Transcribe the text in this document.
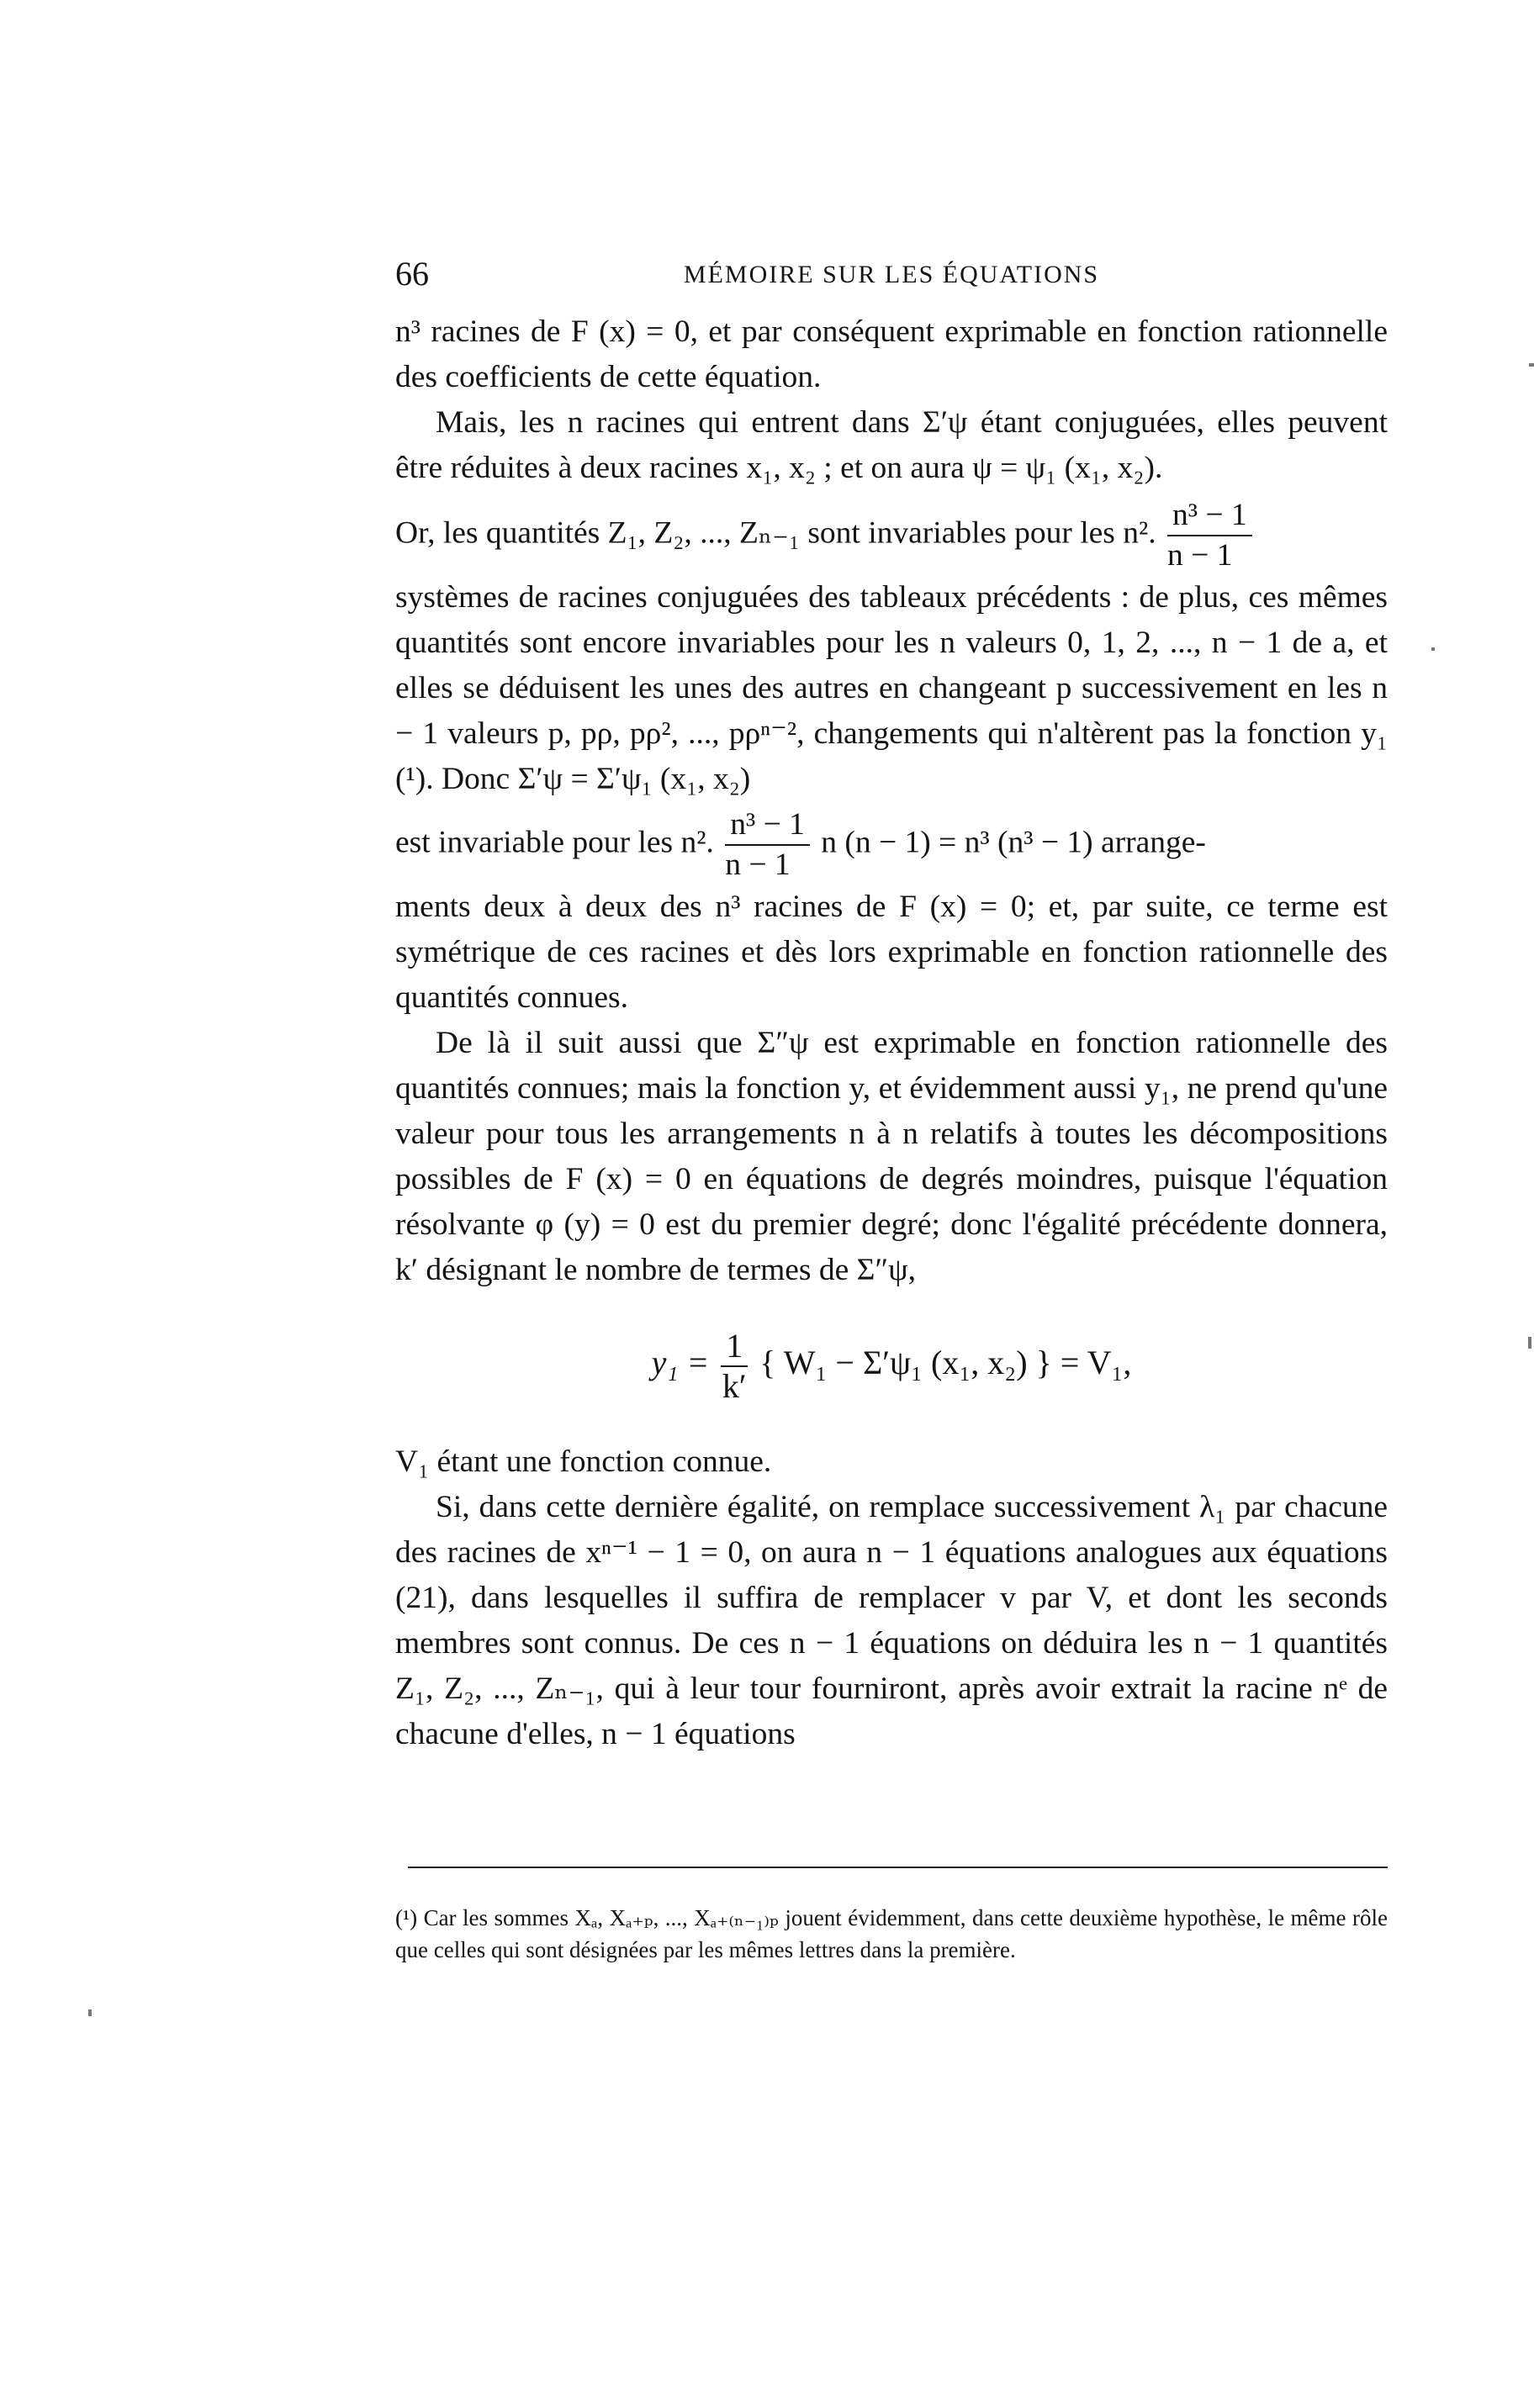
66	MÉMOIRE SUR LES ÉQUATIONS

n³ racines de F (x) = 0, et par conséquent exprimable en fonction rationnelle des coefficients de cette équation.

Mais, les n racines qui entrent dans Σ′ψ étant conjuguées, elles peuvent être réduites à deux racines x₁, x₂ ; et on aura ψ = ψ₁ (x₁, x₂).

Or, les quantités Z₁, Z₂, ..., Zₙ₋₁ sont invariables pour les n². $\frac{\text{n³ − 1}}{n - 1}$

systèmes de racines conjuguées des tableaux précédents : de plus, ces mêmes quantités sont encore invariables pour les n valeurs 0, 1, 2, ..., n − 1 de a, et elles se déduisent les unes des autres en changeant p successivement en les n − 1 valeurs p, pρ, pρ², ..., pρⁿ⁻², changements qui n'altèrent pas la fonction y₁ (¹). Donc Σ′ψ = Σ′ψ₁ (x₁, x₂)

est invariable pour les n². $\frac{\text{n³ − 1}}{n - 1}$ n (n − 1) = n³ (n³ − 1) arrange-

ments deux à deux des n³ racines de F (x) = 0; et, par suite, ce terme est symétrique de ces racines et dès lors exprimable en fonction rationnelle des quantités connues.

De là il suit aussi que Σ″ψ est exprimable en fonction rationnelle des quantités connues; mais la fonction y, et évidemment aussi y₁, ne prend qu'une valeur pour tous les arrangements n à n relatifs à toutes les décompositions possibles de F (x) = 0 en équations de degrés moindres, puisque l'équation résolvante φ (y) = 0 est du premier degré; donc l'égalité précédente donnera, k′ désignant le nombre de termes de Σ″ψ,

$y_1 = \frac{1}{k'}$ { W₁ − Σ′ψ₁ (x₁, x₂) } = V₁,

V₁ étant une fonction connue.

Si, dans cette dernière égalité, on remplace successivement λ₁ par chacune des racines de xⁿ⁻¹ − 1 = 0, on aura n − 1 équations analogues aux équations (21), dans lesquelles il suffira de remplacer v par V, et dont les seconds membres sont connus. De ces n − 1 équations on déduira les n − 1 quantités Z₁, Z₂, ..., Zₙ₋₁, qui à leur tour fourniront, après avoir extrait la racine nᵉ de chacune d'elles, n − 1 équations

(¹) Car les sommes Xₐ, Xₐ₊ₚ, ..., Xₐ₊₍ₙ₋₁₎ₚ jouent évidemment, dans cette deuxième hypothèse, le même rôle que celles qui sont désignées par les mêmes lettres dans la première.
